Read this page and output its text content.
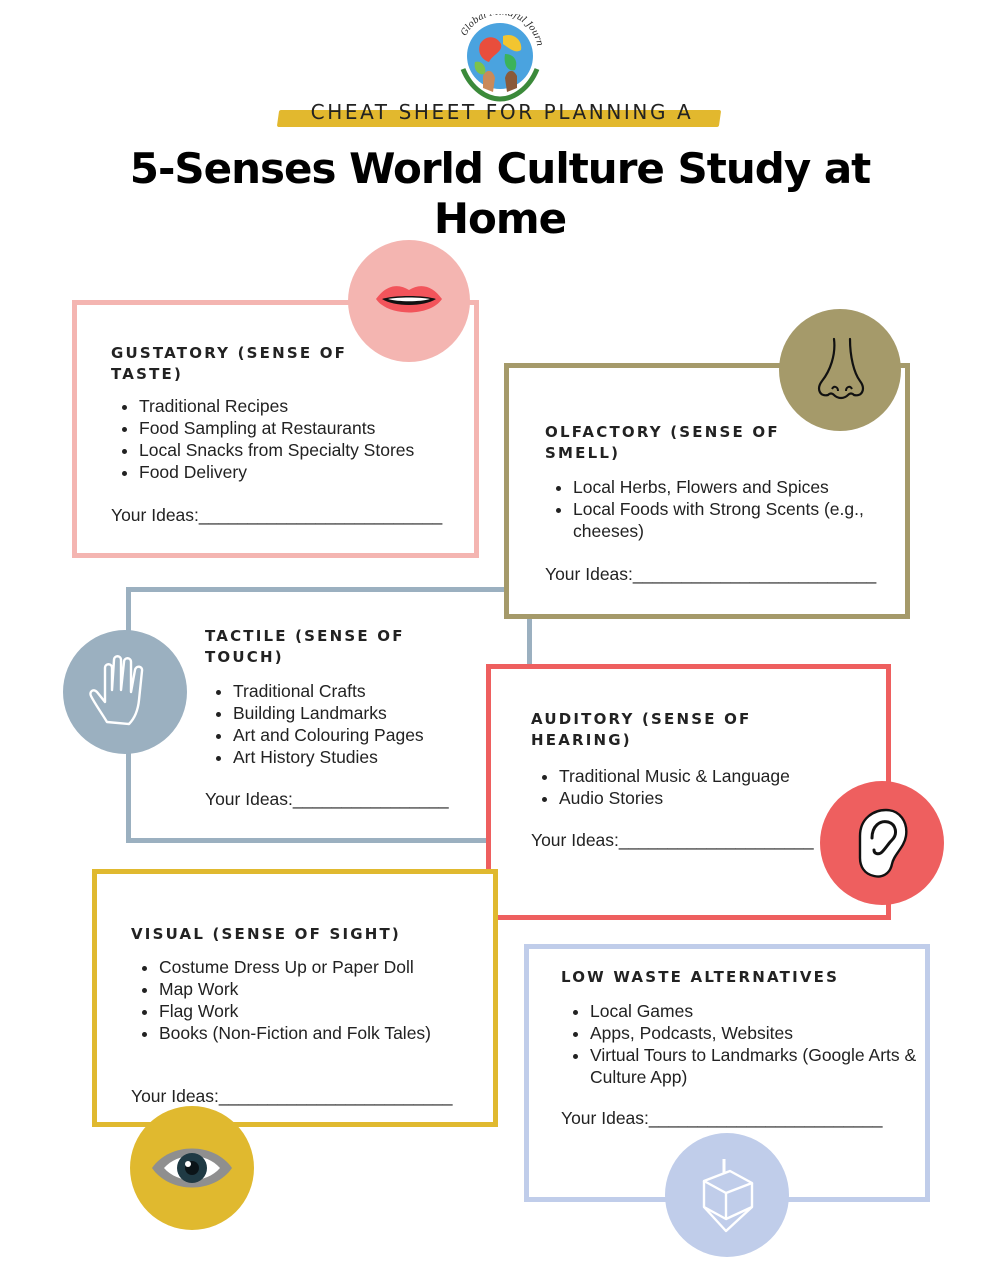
Global dful Journ
CHEAT SHEET FOR PLANNING A
5-Senses World Culture Study at Home
TACTILE (SENSE OF TOUCH)
• Traditional Crafts
• Building Landmarks
• Art and Colouring Pages
• Art History Studies
Your Ideas:________________
GUSTATORY (SENSE OF TASTE)
• Traditional Recipes
• Food Sampling at Restaurants
• Local Snacks from Specialty Stores
• Food Delivery
Your Ideas:_________________________
OLFACTORY (SENSE OF SMELL)
• Local Herbs, Flowers and Spices
• Local Foods with Strong Scents (e.g., cheeses)
Your Ideas:_________________________
AUDITORY (SENSE OF HEARING)
• Traditional Music & Language
• Audio Stories
Your Ideas:____________________
VISUAL (SENSE OF SIGHT)
• Costume Dress Up or Paper Doll
• Map Work
• Flag Work
• Books (Non-Fiction and Folk Tales)
Your Ideas:________________________
LOW WASTE ALTERNATIVES
• Local Games
• Apps, Podcasts, Websites
• Virtual Tours to Landmarks (Google Arts & Culture App)
Your Ideas:________________________
